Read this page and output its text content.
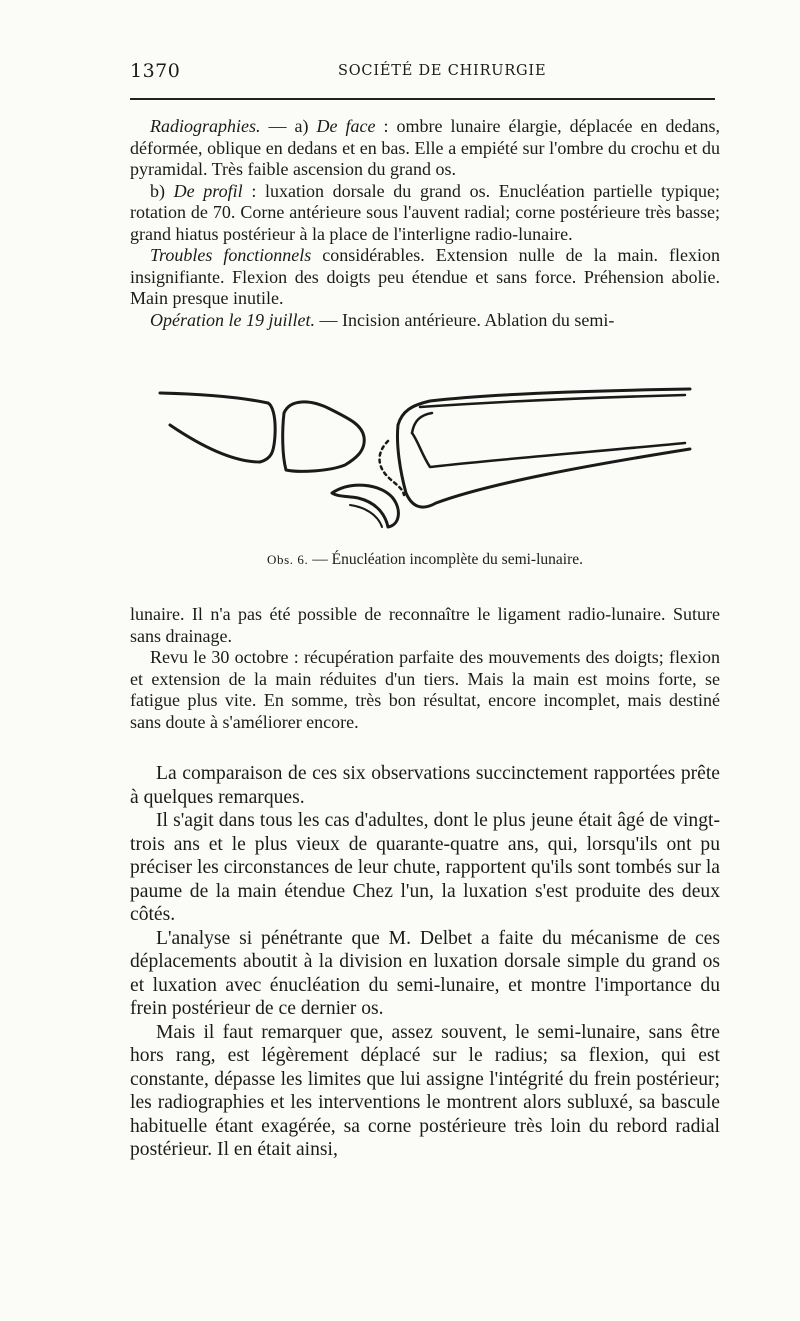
1370	SOCIÉTÉ DE CHIRURGIE

Radiographies. — a) De face : ombre lunaire élargie, déplacée en dedans, déformée, oblique en dedans et en bas. Elle a empiété sur l'ombre du crochu et du pyramidal. Très faible ascension du grand os.

b) De profil : luxation dorsale du grand os. Enucléation partielle typique; rotation de 70. Corne antérieure sous l'auvent radial; corne postérieure très basse; grand hiatus postérieur à la place de l'interligne radio-lunaire.

Troubles fonctionnels considérables. Extension nulle de la main. flexion insignifiante. Flexion des doigts peu étendue et sans force. Préhension abolie. Main presque inutile.

Opération le 19 juillet. — Incision antérieure. Ablation du semi-

Obs. 6. — Énucléation incomplète du semi-lunaire.

lunaire. Il n'a pas été possible de reconnaître le ligament radio-lunaire. Suture sans drainage.

Revu le 30 octobre : récupération parfaite des mouvements des doigts; flexion et extension de la main réduites d'un tiers. Mais la main est moins forte, se fatigue plus vite. En somme, très bon résultat, encore incomplet, mais destiné sans doute à s'améliorer encore.

La comparaison de ces six observations succinctement rapportées prête à quelques remarques.

Il s'agit dans tous les cas d'adultes, dont le plus jeune était âgé de vingt-trois ans et le plus vieux de quarante-quatre ans, qui, lorsqu'ils ont pu préciser les circonstances de leur chute, rapportent qu'ils sont tombés sur la paume de la main étendue Chez l'un, la luxation s'est produite des deux côtés.

L'analyse si pénétrante que M. Delbet a faite du mécanisme de ces déplacements aboutit à la division en luxation dorsale simple du grand os et luxation avec énucléation du semi-lunaire, et montre l'importance du frein postérieur de ce dernier os.

Mais il faut remarquer que, assez souvent, le semi-lunaire, sans être hors rang, est légèrement déplacé sur le radius; sa flexion, qui est constante, dépasse les limites que lui assigne l'intégrité du frein postérieur; les radiographies et les interventions le montrent alors subluxé, sa bascule habituelle étant exagérée, sa corne postérieure très loin du rebord radial postérieur. Il en était ainsi,
